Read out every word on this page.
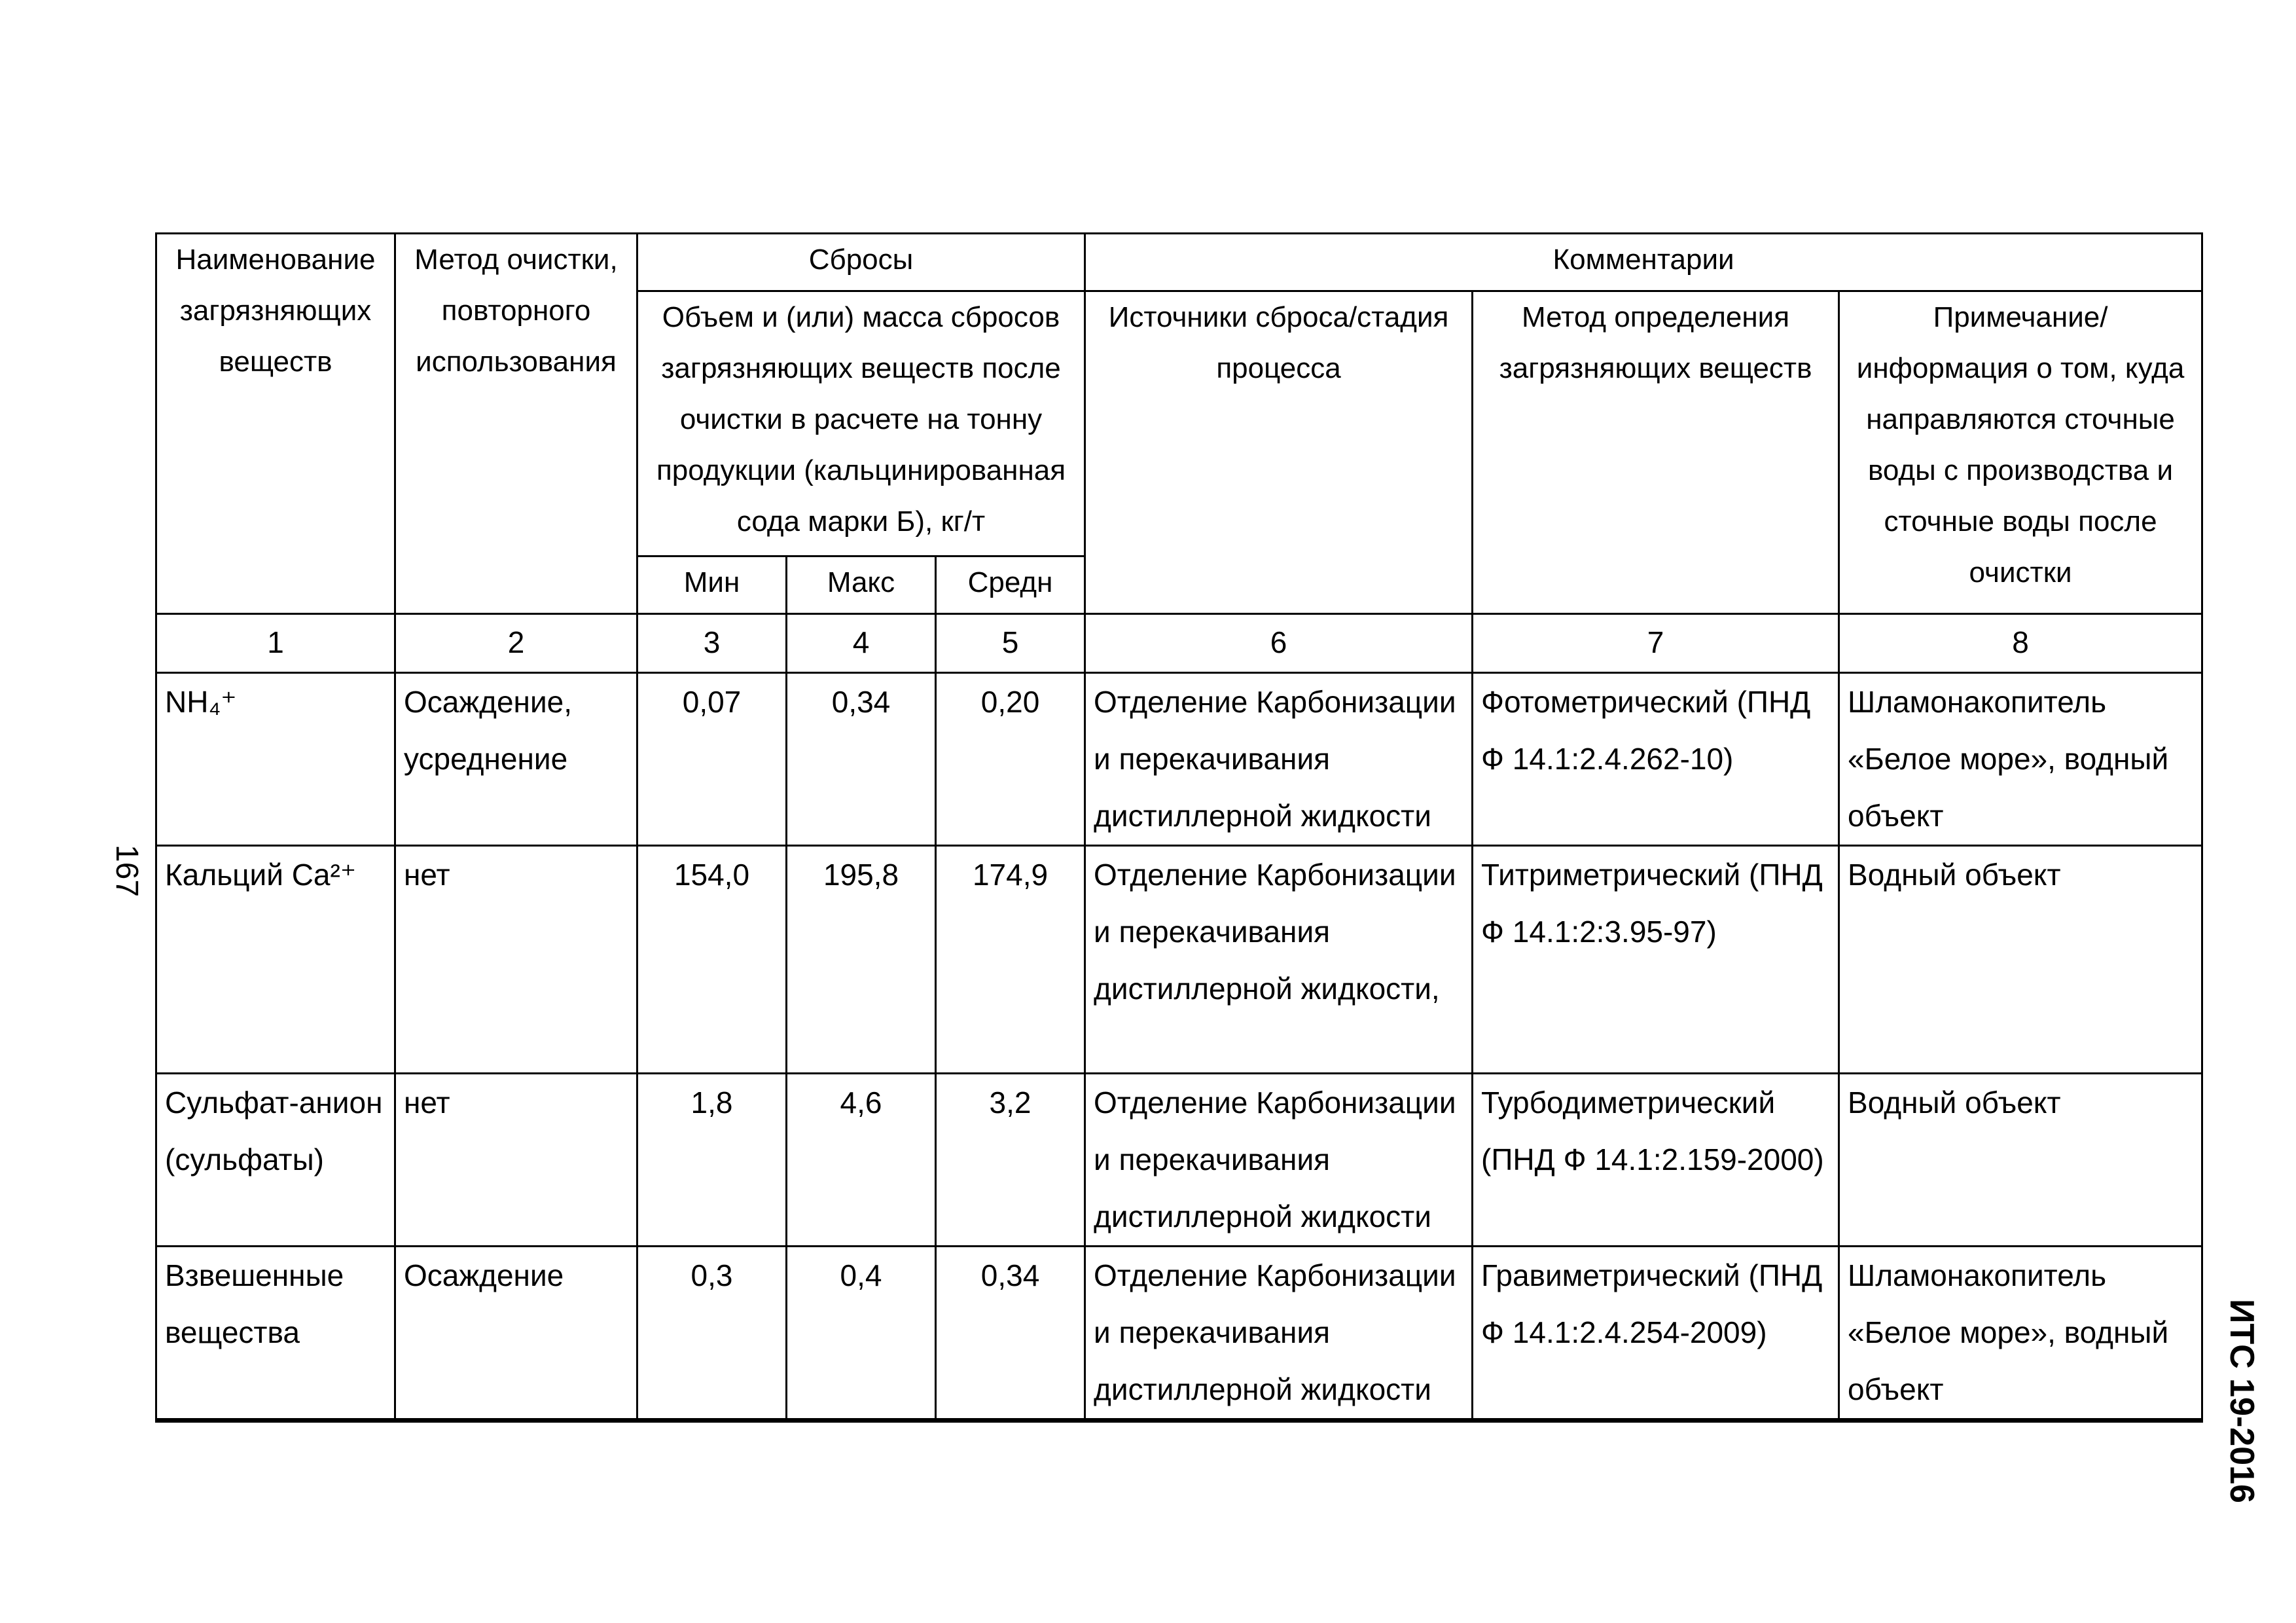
167
Наименование загрязняющих веществ	Метод очистки, повторного использования	Сбросы			Комментарии		
		Объем и (или) масса сбросов загрязняющих веществ после очистки в расчете на тонну продукции (кальцинированная сода марки Б), кг/т			Источники сброса/стадия процесса	Метод определения загрязняющих веществ	Примечание/информация о том, куда направляются сточные воды с производства и сточные воды после очистки
		Мин	Макс	Средн			
1	2	3	4	5	6	7	8
NH₄⁺	Осаждение, усреднение	0,07	0,34	0,20	Отделение Карбонизации и перекачивания дистиллерной жидкости	Фотометрический (ПНД Ф 14.1:2.4.262-10)	Шламонакопитель «Белое море», водный объект
Кальций Ca²⁺	нет	154,0	195,8	174,9	Отделение Карбонизации и перекачивания дистиллерной жидкости,	Титриметрический (ПНД Ф 14.1:2:3.95-97)	Водный объект
Сульфат-анион (сульфаты)	нет	1,8	4,6	3,2	Отделение Карбонизации и перекачивания дистиллерной жидкости	Турбодиметрический (ПНД Ф 14.1:2.159-2000)	Водный объект
Взвешенные вещества	Осаждение	0,3	0,4	0,34	Отделение Карбонизации и перекачивания дистиллерной жидкости	Гравиметрический (ПНД Ф 14.1:2.4.254-2009)	Шламонакопитель «Белое море», водный объект	ИТС 19-2016
